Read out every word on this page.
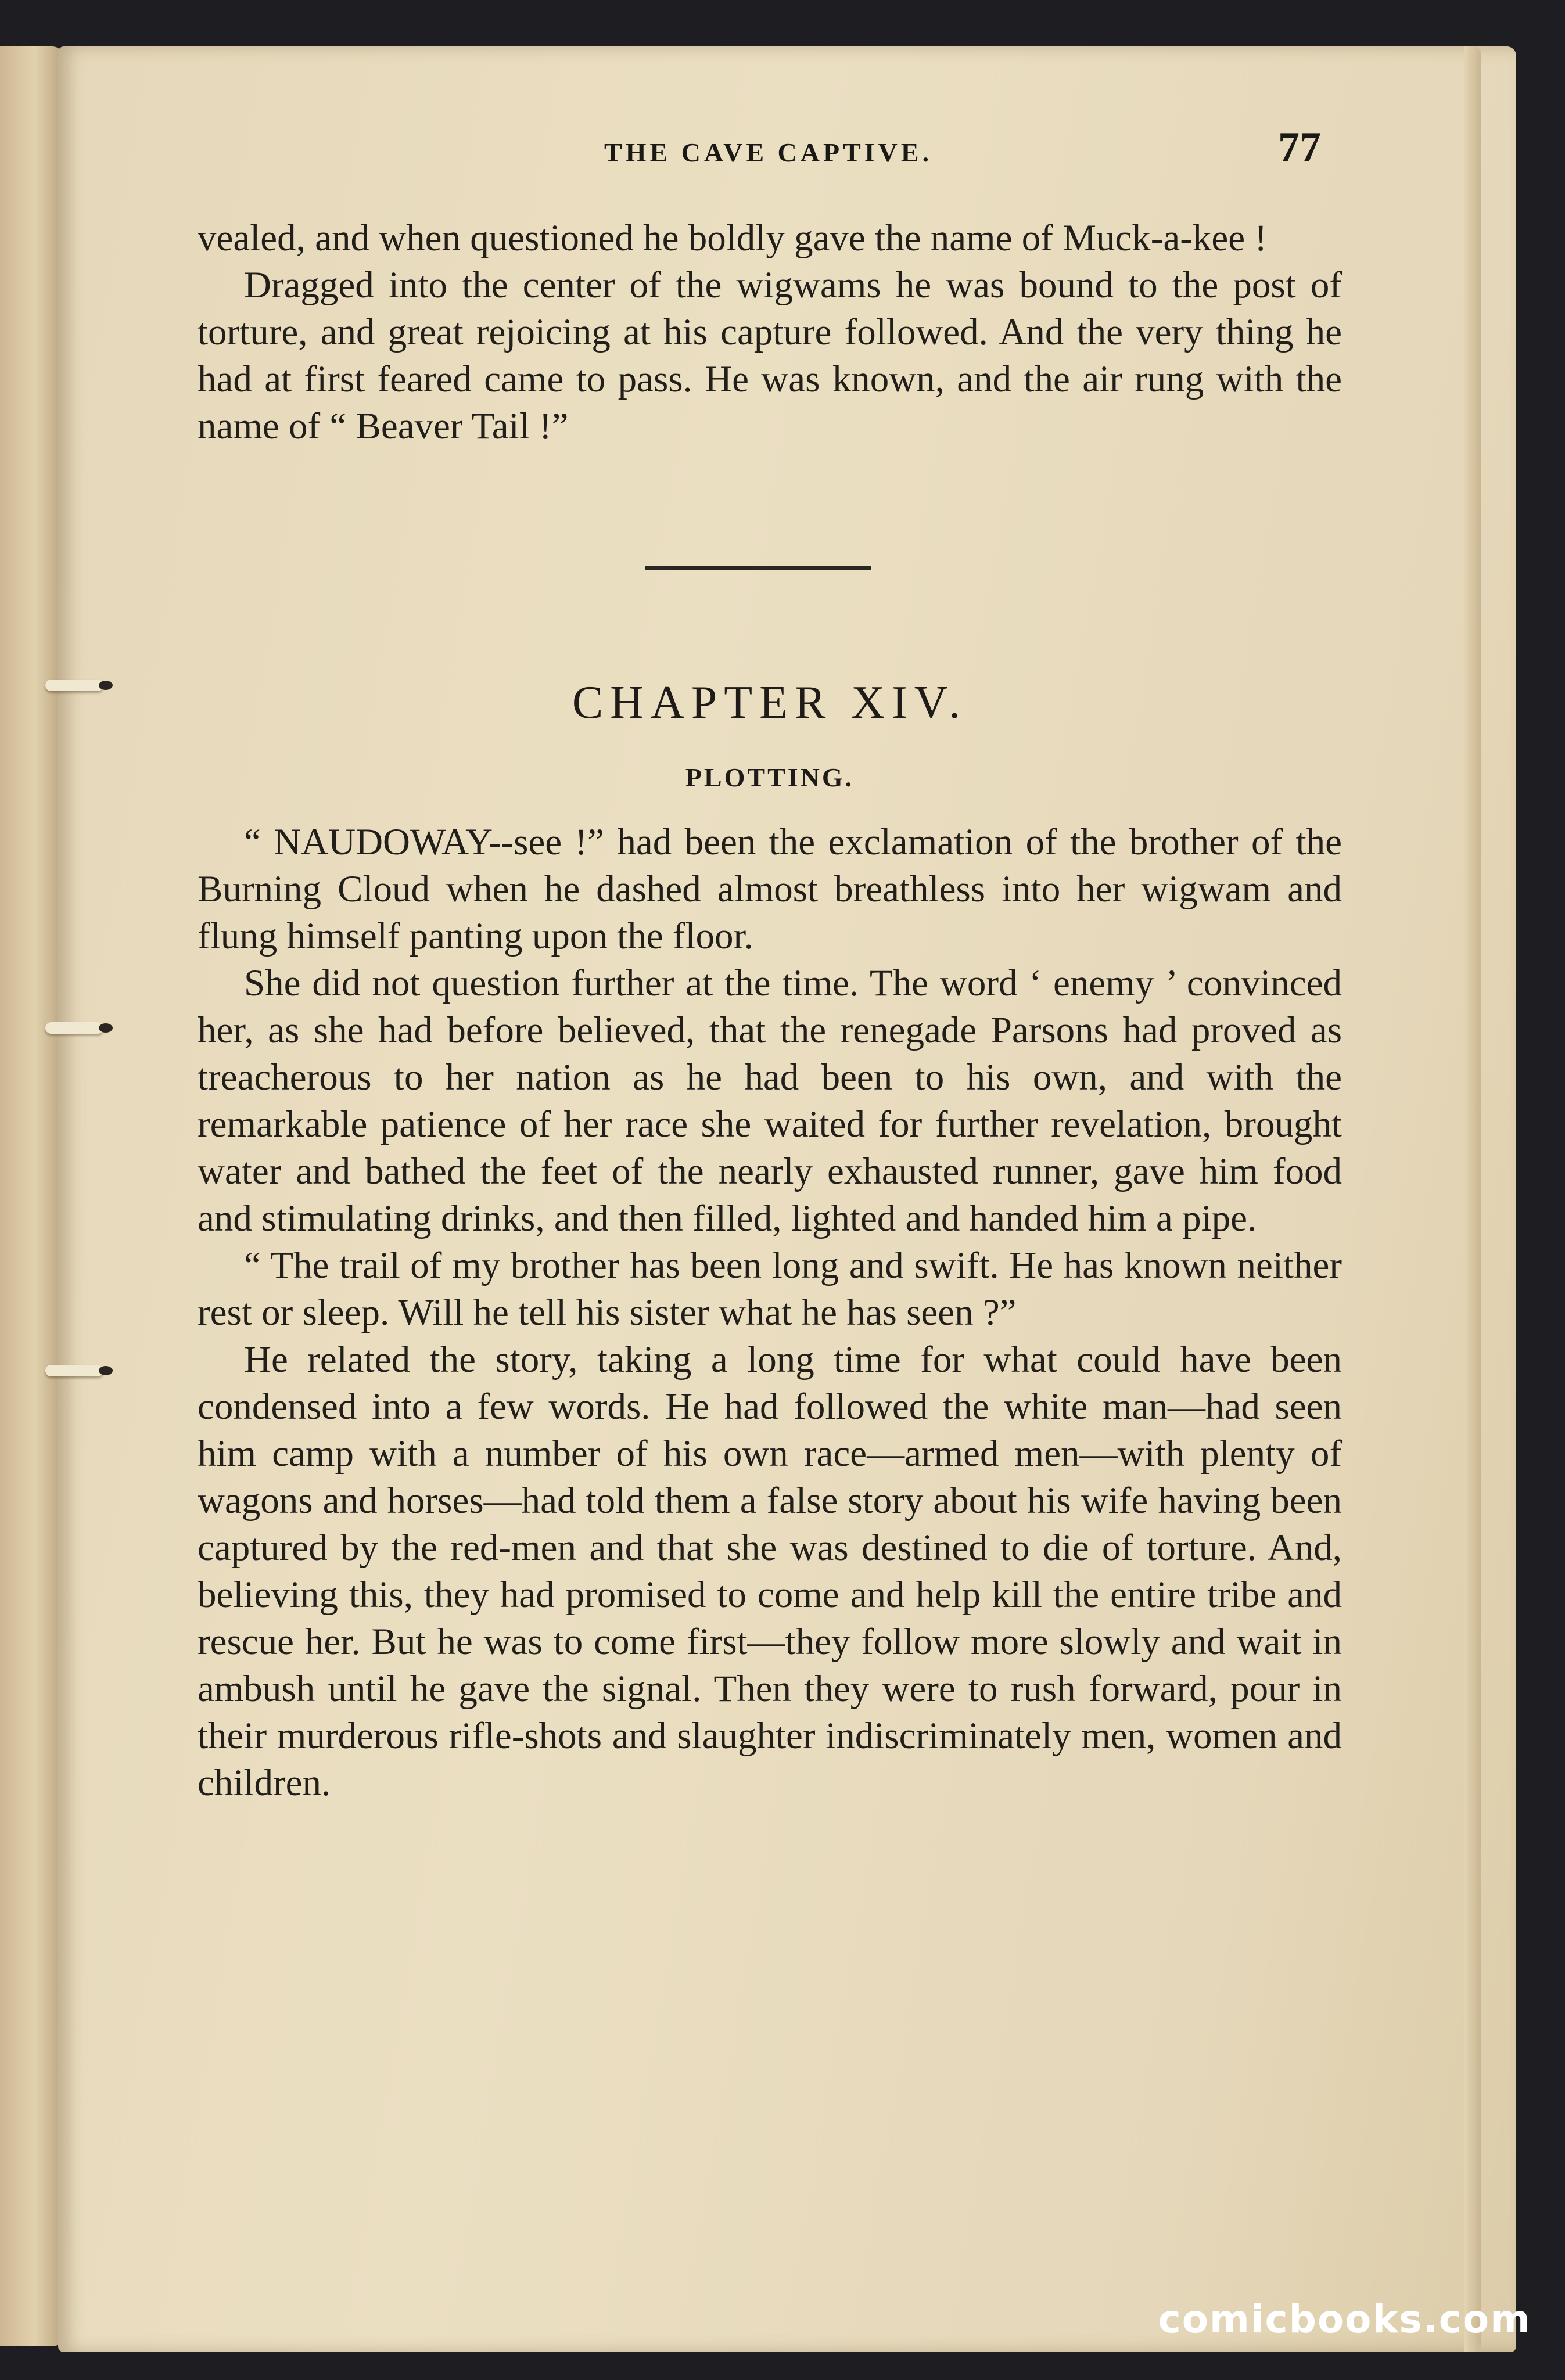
THE CAVE CAPTIVE.	77

vealed, and when questioned he boldly gave the name of Muck-a-kee !

Dragged into the center of the wigwams he was bound to the post of torture, and great rejoicing at his capture followed. And the very thing he had at first feared came to pass. He was known, and the air rung with the name of “ Beaver Tail !”

CHAPTER XIV.
PLOTTING.

“ NAUDOWAY--see !” had been the exclamation of the brother of the Burning Cloud when he dashed almost breathless into her wigwam and flung himself panting upon the floor.

She did not question further at the time. The word ‘ enemy ’ convinced her, as she had before believed, that the renegade Parsons had proved as treacherous to her nation as he had been to his own, and with the remarkable patience of her race she waited for further revelation, brought water and bathed the feet of the nearly exhausted runner, gave him food and stimulating drinks, and then filled, lighted and handed him a pipe.

“ The trail of my brother has been long and swift. He has known neither rest or sleep. Will he tell his sister what he has seen ?”

He related the story, taking a long time for what could have been condensed into a few words. He had followed the white man—had seen him camp with a number of his own race—armed men—with plenty of wagons and horses—had told them a false story about his wife having been captured by the red-men and that she was destined to die of torture. And, believing this, they had promised to come and help kill the entire tribe and rescue her. But he was to come first—they follow more slowly and wait in ambush until he gave the signal. Then they were to rush forward, pour in their murderous rifle-shots and slaughter indiscriminately men, women and children.

comicbooks.com
